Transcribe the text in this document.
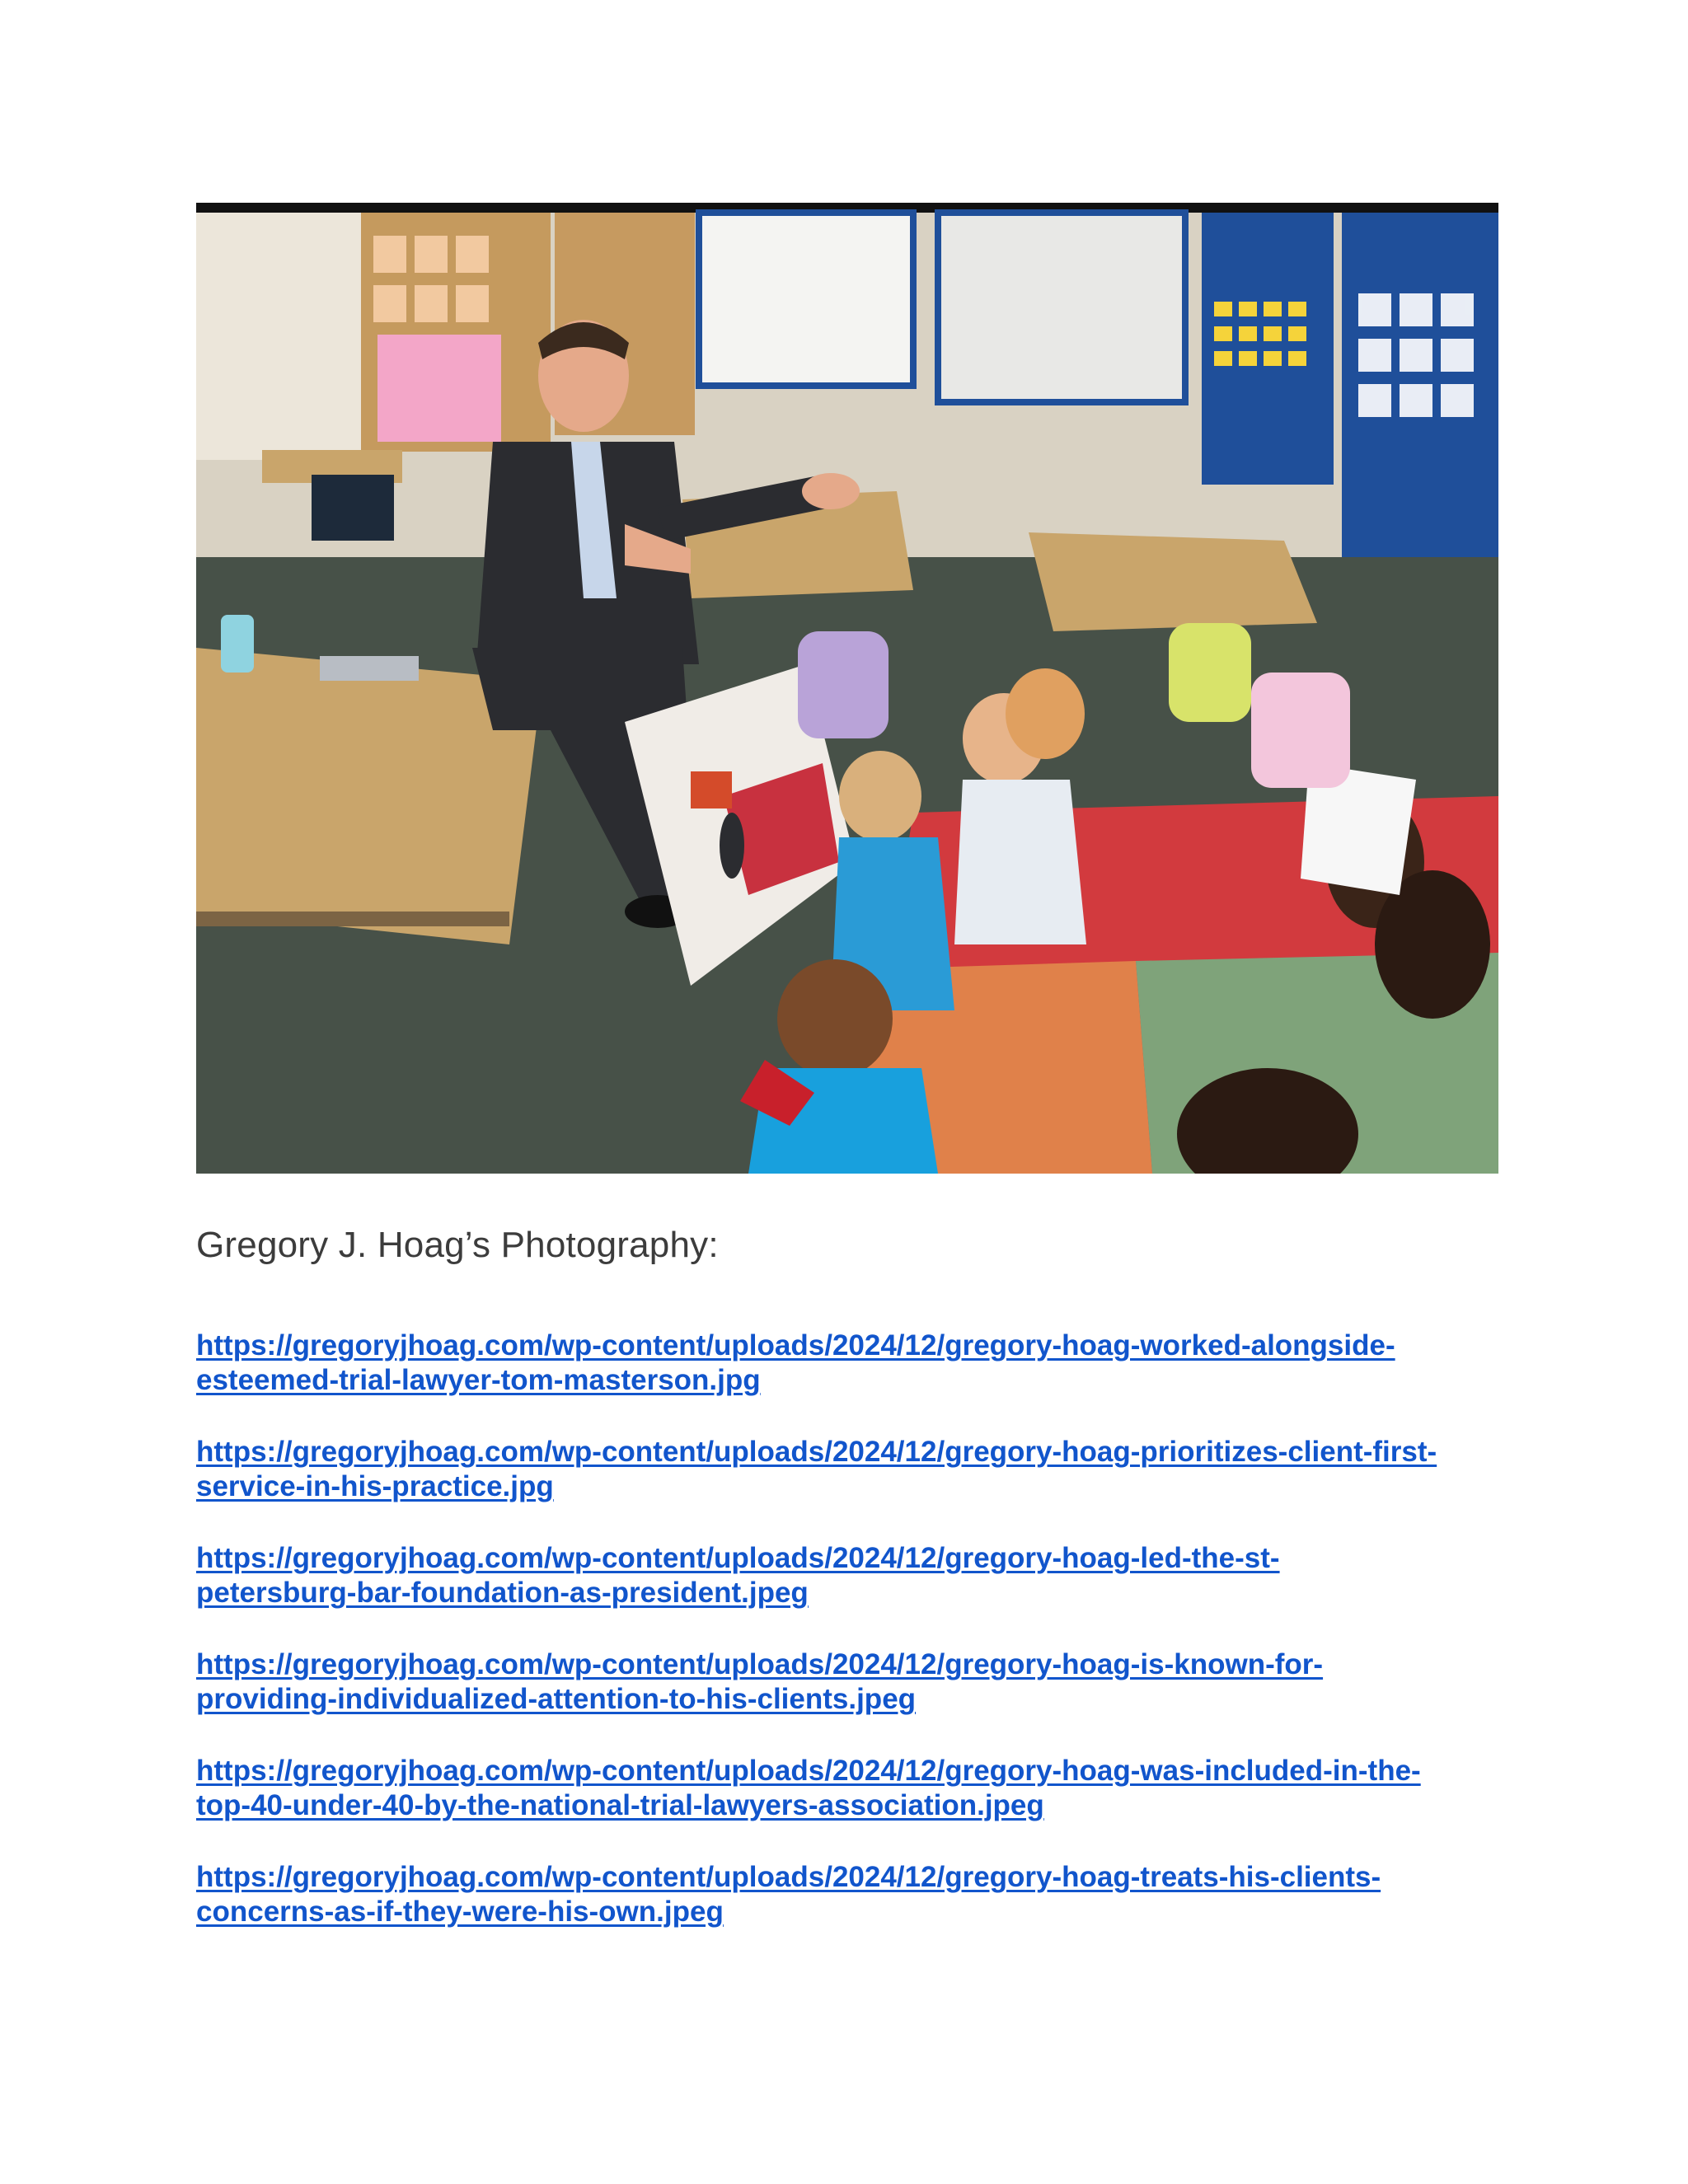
Gregory J. Hoag’s Photography:
https://gregoryjhoag.com/wp-content/uploads/2024/12/gregory-hoag-worked-alongside-
esteemed-trial-lawyer-tom-masterson.jpg
https://gregoryjhoag.com/wp-content/uploads/2024/12/gregory-hoag-prioritizes-client-first-
service-in-his-practice.jpg
https://gregoryjhoag.com/wp-content/uploads/2024/12/gregory-hoag-led-the-st-
petersburg-bar-foundation-as-president.jpeg
https://gregoryjhoag.com/wp-content/uploads/2024/12/gregory-hoag-is-known-for-
providing-individualized-attention-to-his-clients.jpeg
https://gregoryjhoag.com/wp-content/uploads/2024/12/gregory-hoag-was-included-in-the-
top-40-under-40-by-the-national-trial-lawyers-association.jpeg
https://gregoryjhoag.com/wp-content/uploads/2024/12/gregory-hoag-treats-his-clients-
concerns-as-if-they-were-his-own.jpeg
